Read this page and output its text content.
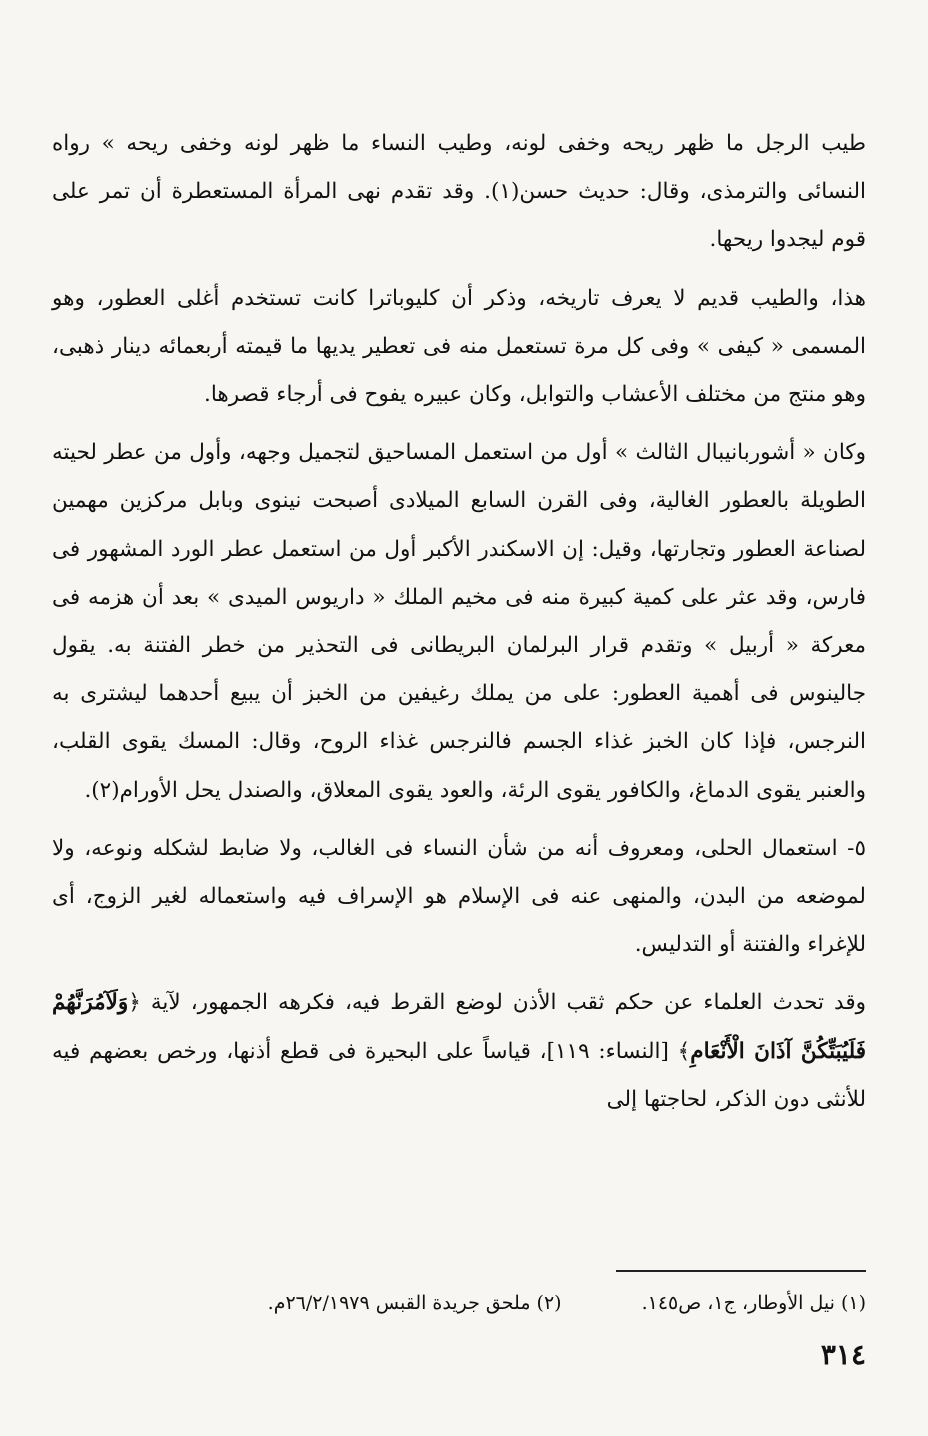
طيب الرجل ما ظهر ريحه وخفى لونه، وطيب النساء ما ظهر لونه وخفى ريحه » رواه النسائى والترمذى، وقال: حديث حسن(١). وقد تقدم نهى المرأة المستعطرة أن تمر على قوم ليجدوا ريحها.

هذا، والطيب قديم لا يعرف تاريخه، وذكر أن كليوباترا كانت تستخدم أغلى العطور، وهو المسمى « كيفى » وفى كل مرة تستعمل منه فى تعطير يديها ما قيمته أربعمائه دينار ذهبى، وهو منتج من مختلف الأعشاب والتوابل، وكان عبيره يفوح فى أرجاء قصرها.

وكان « أشوربانيبال الثالث » أول من استعمل المساحيق لتجميل وجهه، وأول من عطر لحيته الطويلة بالعطور الغالية، وفى القرن السابع الميلادى أصبحت نينوى وبابل مركزين مهمين لصناعة العطور وتجارتها، وقيل: إن الاسكندر الأكبر أول من استعمل عطر الورد المشهور فى فارس، وقد عثر على كمية كبيرة منه فى مخيم الملك « داريوس الميدى » بعد أن هزمه فى معركة « أربيل » وتقدم قرار البرلمان البريطانى فى التحذير من خطر الفتنة به. يقول جالينوس فى أهمية العطور: على من يملك رغيفين من الخبز أن يبيع أحدهما ليشترى به النرجس، فإذا كان الخبز غذاء الجسم فالنرجس غذاء الروح، وقال: المسك يقوى القلب، والعنبر يقوى الدماغ، والكافور يقوى الرئة، والعود يقوى المعلاق، والصندل يحل الأورام(٢).

٥- استعمال الحلى، ومعروف أنه من شأن النساء فى الغالب، ولا ضابط لشكله ونوعه، ولا لموضعه من البدن، والمنهى عنه فى الإسلام هو الإسراف فيه واستعماله لغير الزوج، أى للإغراء والفتنة أو التدليس.

وقد تحدث العلماء عن حكم ثقب الأذن لوضع القرط فيه، فكرهه الجمهور، لآية ﴿وَلَآمُرَنَّهُمْ فَلَيُبَتِّكُنَّ آذَانَ الْأَنْعَامِ﴾ [النساء: ١١٩]، قياساً على البحيرة فى قطع أذنها، ورخص بعضهم فيه للأنثى دون الذكر، لحاجتها إلى

(١) نيل الأوطار، ج١، ص١٤٥.
(٢) ملحق جريدة القبس ٢٦/٢/١٩٧٩م.
٣١٤
